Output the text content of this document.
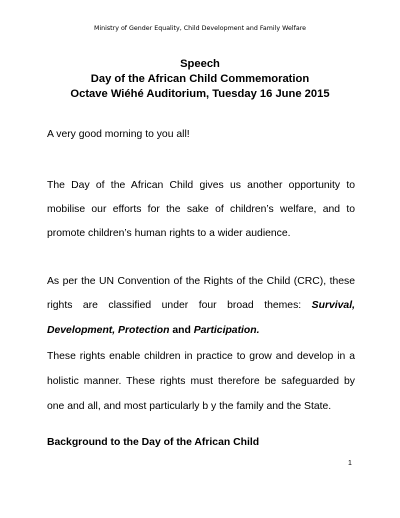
Ministry of Gender Equality, Child Development and Family Welfare
Speech
Day of the African Child Commemoration
Octave Wiéhé Auditorium, Tuesday 16 June 2015
A very good morning to you all!
The Day of the African Child gives us another opportunity to
mobilise our efforts for the sake of children’s welfare, and to
promote children’s human rights to a wider audience.
As per the UN Convention of the Rights of the Child (CRC), these
rights are classified under four broad themes: Survival,
Development, Protection and Participation.
These rights enable children in practice to grow and develop in a
holistic manner. These rights must therefore be safeguarded by
one and all, and most particularly b y the family and the State.
Background to the Day of the African Child
1
